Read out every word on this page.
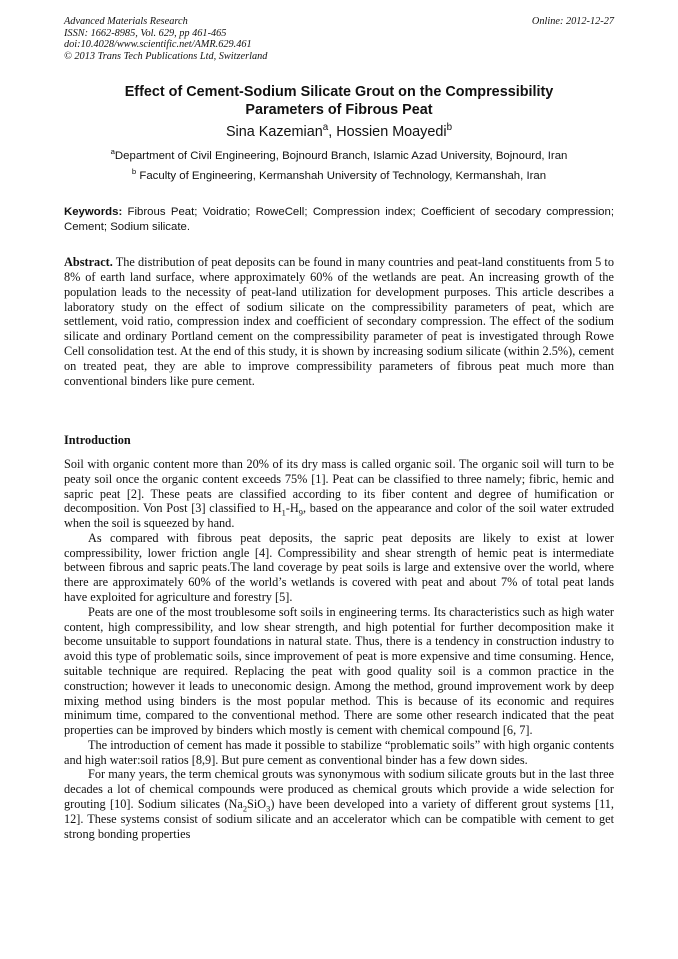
Advanced Materials Research
ISSN: 1662-8985, Vol. 629, pp 461-465
doi:10.4028/www.scientific.net/AMR.629.461
© 2013 Trans Tech Publications Ltd, Switzerland
Online: 2012-12-27
Effect of Cement-Sodium Silicate Grout on the Compressibility
Parameters of Fibrous Peat
Sina Kazemian$^a$, Hossien Moayedi$^b$
$^a$Department of Civil Engineering, Bojnourd Branch, Islamic Azad University, Bojnourd, Iran
$^b$ Faculty of Engineering, Kermanshah University of Technology, Kermanshah, Iran
Keywords: Fibrous Peat; Voidratio; RoweCell; Compression index; Coefficient of secodary compression; Cement; Sodium silicate.
Abstract. The distribution of peat deposits can be found in many countries and peat-land constituents from 5 to 8% of earth land surface, where approximately 60% of the wetlands are peat. An increasing growth of the population leads to the necessity of peat-land utilization for development purposes. This article describes a laboratory study on the effect of sodium silicate on the compressibility parameters of peat, which are settlement, void ratio, compression index and coefficient of secondary compression. The effect of the sodium silicate and ordinary Portland cement on the compressibility parameter of peat is investigated through Rowe Cell consolidation test. At the end of this study, it is shown by increasing sodium silicate (within 2.5%), cement on treated peat, they are able to improve compressibility parameters of fibrous peat much more than conventional binders like pure cement.
Introduction

Soil with organic content more than 20% of its dry mass is called organic soil. The organic soil will turn to be peaty soil once the organic content exceeds 75% [1]. Peat can be classified to three namely; fibric, hemic and sapric peat [2]. These peats are classified according to its fiber content and degree of humification or decomposition. Von Post [3] classified to $H_1-H_9$, based on the appearance and color of the soil water extruded when the soil is squeezed by hand.

As compared with fibrous peat deposits, the sapric peat deposits are likely to exist at lower compressibility, lower friction angle [4]. Compressibility and shear strength of hemic peat is intermediate between fibrous and sapric peats.The land coverage by peat soils is large and extensive over the world, where there are approximately 60% of the world’s wetlands is covered with peat and about 7% of total peat lands have exploited for agriculture and forestry [5].

Peats are one of the most troublesome soft soils in engineering terms. Its characteristics such as high water content, high compressibility, and low shear strength, and high potential for further decomposition make it become unsuitable to support foundations in natural state. Thus, there is a tendency in construction industry to avoid this type of problematic soils, since improvement of peat is more expensive and time consuming. Hence, suitable technique are required. Replacing the peat with good quality soil is a common practice in the construction; however it leads to uneconomic design. Among the method, ground improvement work by deep mixing method using binders is the most popular method. This is because of its economic and requires minimum time, compared to the conventional method. There are some other research indicated that the peat properties can be improved by binders which mostly is cement with chemical compound [6, 7].

The introduction of cement has made it possible to stabilize “problematic soils” with high organic contents and high water:soil ratios [8,9]. But pure cement as conventional binder has a few down sides.

For many years, the term chemical grouts was synonymous with sodium silicate grouts but in the last three decades a lot of chemical compounds were produced as chemical grouts which provide a wide selection for grouting [10]. Sodium silicates $(Na_2SiO_3)$ have been developed into a variety of different grout systems [11, 12]. These systems consist of sodium silicate and an accelerator which can be compatible with cement to get strong bonding properties
